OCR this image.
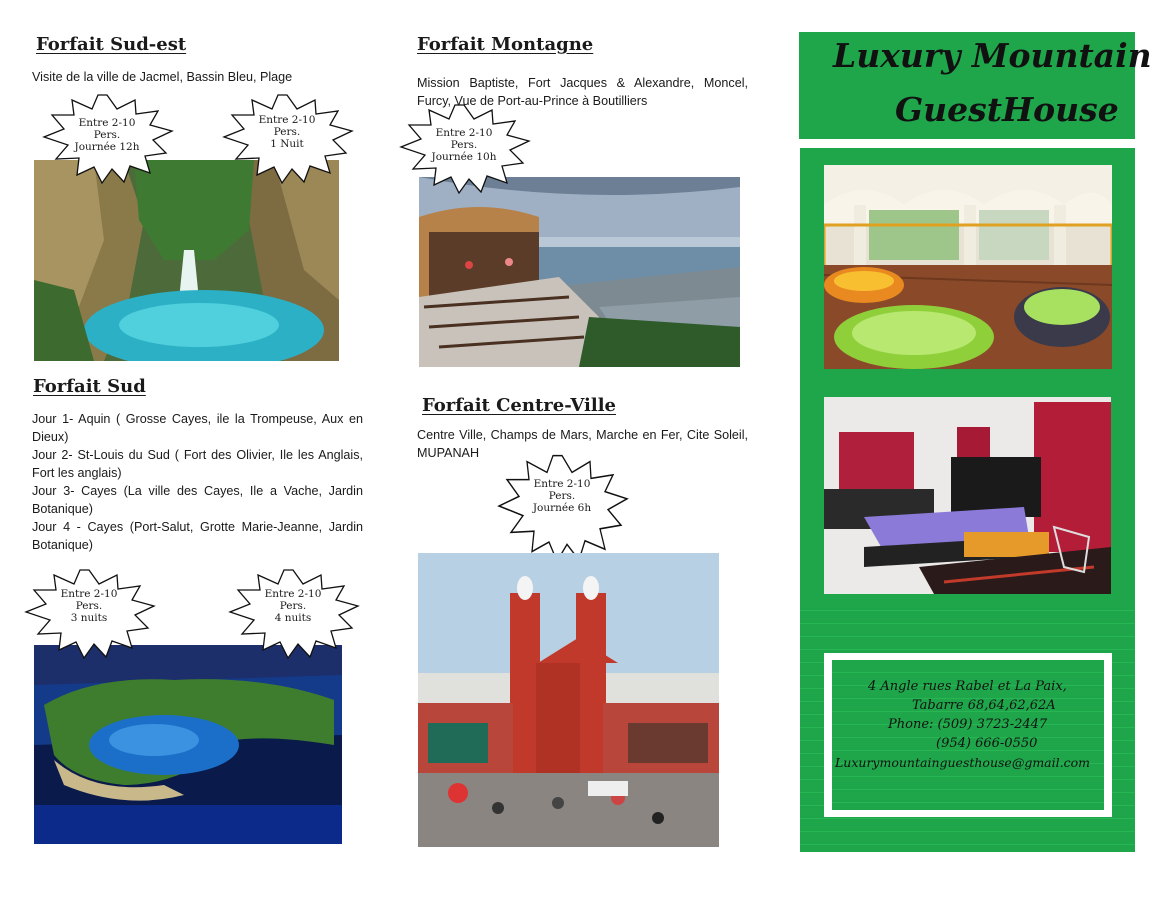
Forfait Sud-est
Visite de la ville de Jacmel, Bassin Bleu, Plage
Entre 2-10
Pers.
Journée 12h
Entre 2-10
Pers.
1 Nuit
Forfait Sud
Jour 1- Aquin ( Grosse Cayes, ile la Trompeuse, Aux en Dieux)
Jour 2- St-Louis du Sud ( Fort des Olivier, Ile les Anglais, Fort les anglais)
Jour 3- Cayes (La ville des Cayes, Ile a Vache, Jardin Botanique)
Jour 4 - Cayes (Port-Salut, Grotte Marie-Jeanne, Jardin Botanique)
Entre 2-10
Pers.
3 nuits
Entre 2-10
Pers.
4 nuits
Forfait Montagne
Mission Baptiste, Fort Jacques & Alexandre, Moncel, Furcy, Vue de Port-au-Prince à Boutilliers
Entre 2-10
Pers.
Journée 10h
Forfait Centre-Ville
Centre Ville, Champs de Mars, Marche en Fer, Cite Soleil, MUPANAH
Entre 2-10
Pers.
Journée 6h
Luxury Mountain
GuestHouse
4 Angle rues Rabel et La Paix,
Tabarre 68,64,62,62A
Phone: (509) 3723-2447
(954) 666-0550
Luxurymountainguesthouse@gmail.com
